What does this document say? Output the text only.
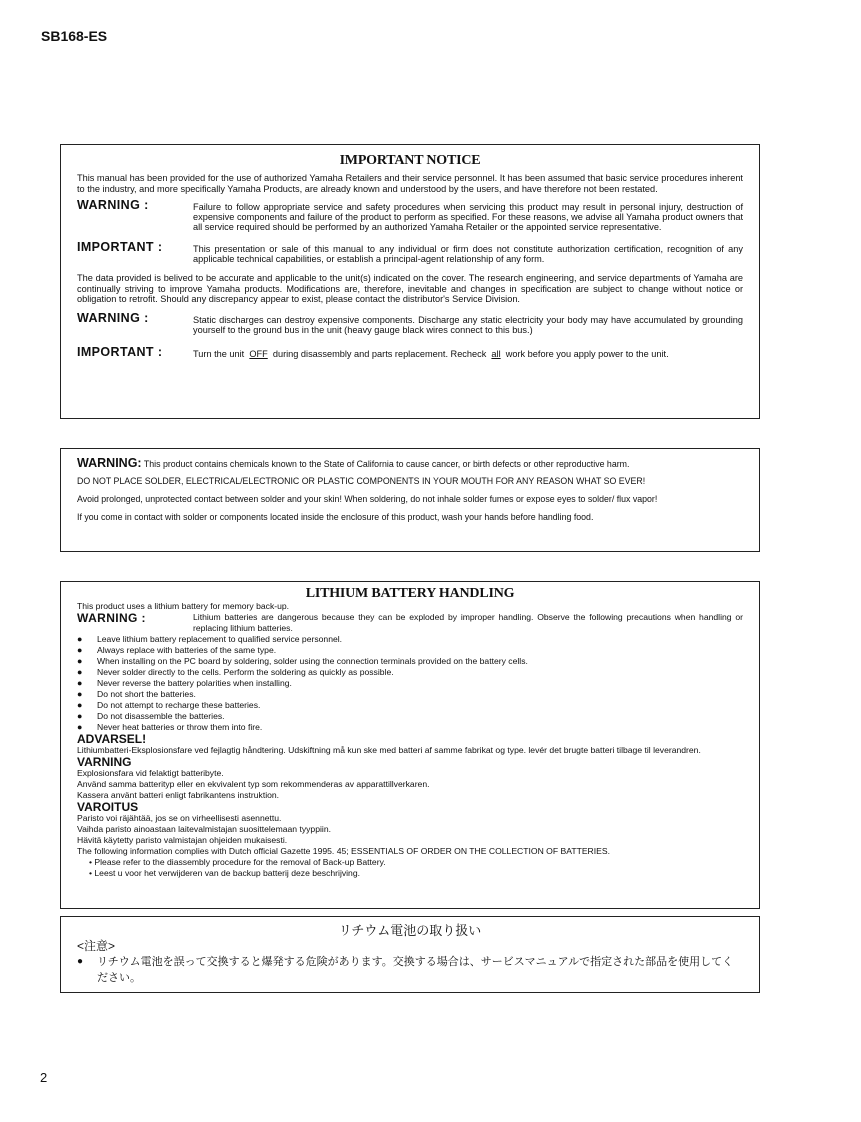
SB168-ES
IMPORTANT NOTICE

This manual has been provided for the use of authorized Yamaha Retailers and their service personnel. It has been assumed that basic service procedures inherent to the industry, and more specifically Yamaha Products, are already known and understood by the users, and have therefore not been restated.

WARNING :	Failure to follow appropriate service and safety procedures when servicing this product may result in personal injury, destruction of expensive components and failure of the product to perform as specified. For these reasons, we advise all Yamaha product owners that all service required should be performed by an authorized Yamaha Retailer or the appointed service representative.
IMPORTANT :	This presentation or sale of this manual to any individual or firm does not constitute authorization certification, recognition of any applicable technical capabilities, or establish a principal-agent relationship of any form.

The data provided is belived to be accurate and applicable to the unit(s) indicated on the cover. The research engineering, and service departments of Yamaha are continually striving to improve Yamaha products. Modifications are, therefore, inevitable and changes in specification are subject to change without notice or obligation to retrofit. Should any discrepancy appear to exist, please contact the distributor's Service Division.

WARNING :	Static discharges can destroy expensive components. Discharge any static electricity your body may have accumulated by grounding yourself to the ground bus in the unit (heavy gauge black wires connect to this bus.)
IMPORTANT :	Turn the unit OFF during disassembly and parts replacement. Recheck all work before you apply power to the unit.

WARNING: This product contains chemicals known to the State of California to cause cancer, or birth defects or other reproductive harm.

DO NOT PLACE SOLDER, ELECTRICAL/ELECTRONIC OR PLASTIC COMPONENTS IN YOUR MOUTH FOR ANY REASON WHAT SO EVER!

Avoid prolonged, unprotected contact between solder and your skin! When soldering, do not inhale solder fumes or expose eyes to solder/ flux vapor!

If you come in contact with solder or components located inside the enclosure of this product, wash your hands before handling food.

LITHIUM BATTERY HANDLING

This product uses a lithium battery for memory back-up.

WARNING :	Lithium batteries are dangerous because they can be exploded by improper handling. Observe the following precautions when handling or replacing lithium batteries.
● Leave lithium battery replacement to qualified service personnel.
● Always replace with batteries of the same type.
● When installing on the PC board by soldering, solder using the connection terminals provided on the battery cells.
● Never solder directly to the cells. Perform the soldering as quickly as possible.
● Never reverse the battery polarities when installing.
● Do not short the batteries.
● Do not attempt to recharge these batteries.
● Do not disassemble the batteries.
● Never heat batteries or throw them into fire.
ADVARSEL!

Lithiumbatteri-Eksplosionsfare ved fejlagtig håndtering. Udskiftning må kun ske med batteri af samme fabrikat og type. levér det brugte batteri tilbage til leverandren.

VARNING

Explosionsfara vid felaktigt batteribyte.

Använd samma batterityp eller en ekvivalent typ som rekommenderas av apparattillverkaren.

Kassera använt batteri enligt fabrikantens instruktion.

VAROITUS

Paristo voi räjähtää, jos se on virheellisesti asennettu.

Vaihda paristo ainoastaan laitevalmistajan suosittelemaan tyyppiin.

Hävitä käytetty paristo valmistajan ohjeiden mukaisesti.

The following information complies with Dutch official Gazette 1995. 45; ESSENTIALS OF ORDER ON THE COLLECTION OF BATTERIES.

• Please refer to the diassembly procedure for the removal of Back-up Battery.

• Leest u voor het verwijderen van de backup batterij deze beschrijving.

リチウム電池の取り扱い
<注意>
● リチウム電池を誤って交換すると爆発する危険があります。交換する場合は、サービスマニュアルで指定された部品を使用してください。
2
